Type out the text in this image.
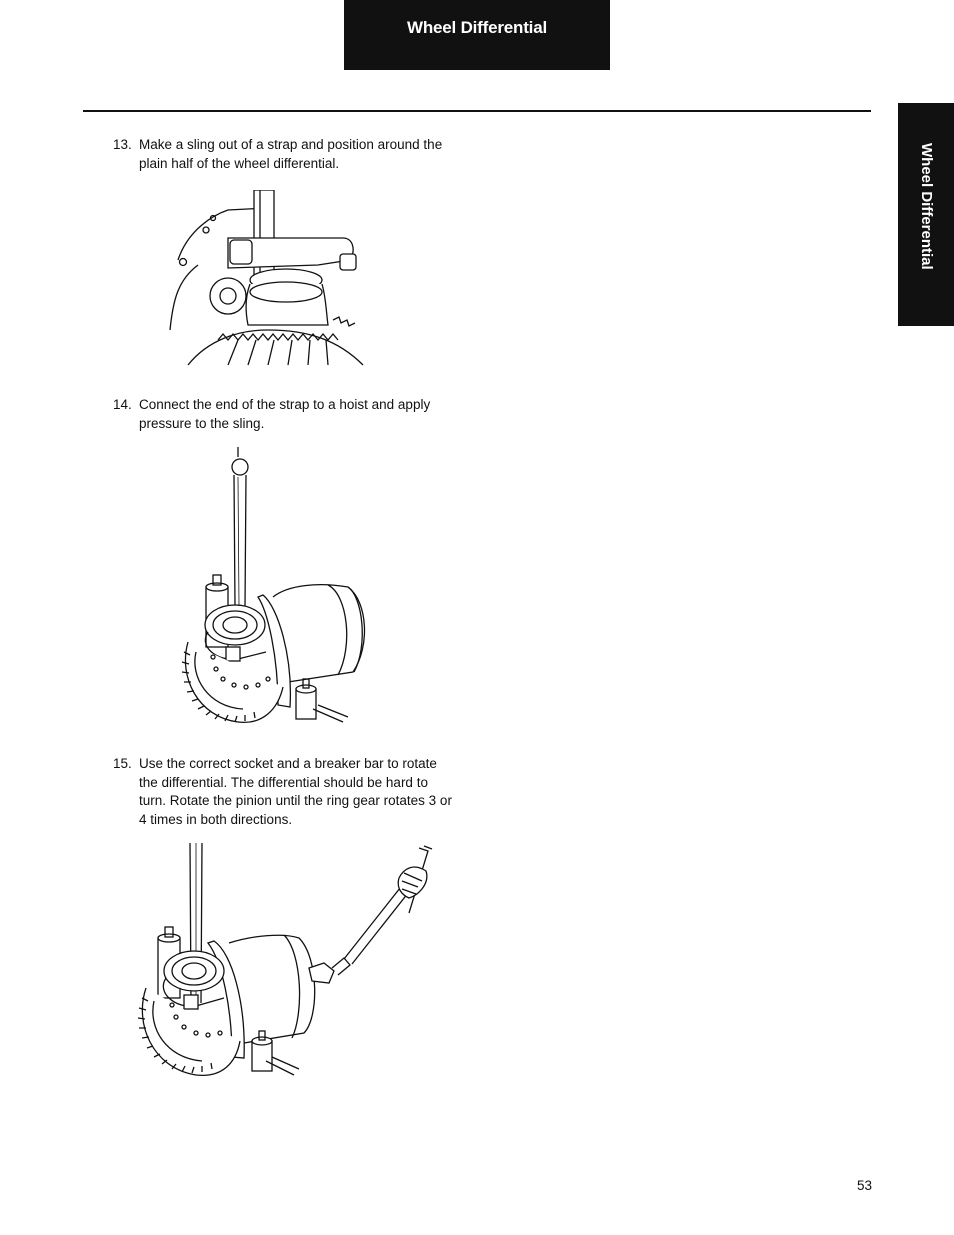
Wheel Differential
Wheel Differential
13. Make a sling out of a strap and position around the plain half of the wheel differential.
14. Connect the end of the strap to a hoist and apply pressure to the sling.
15. Use the correct socket and a breaker bar to rotate the differential. The differential should be hard to turn. Rotate the pinion until the ring gear rotates 3 or 4 times in both directions.
53
